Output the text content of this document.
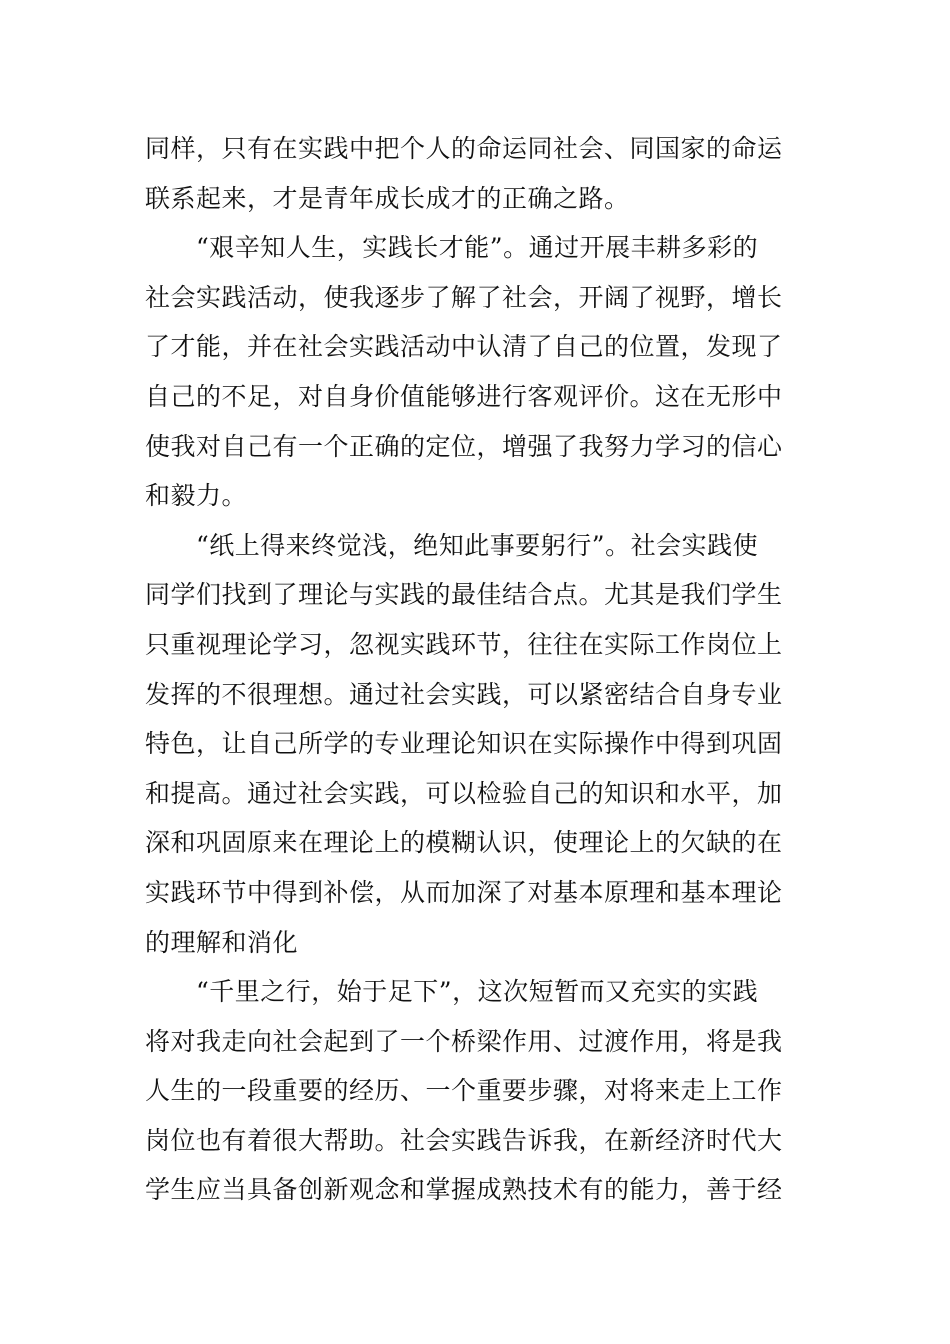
同样，只有在实践中把个人的命运同社会、同国家的命运
联系起来，才是青年成长成才的正确之路。
　　“艰辛知人生，实践长才能”。通过开展丰耕多彩的
社会实践活动，使我逐步了解了社会，开阔了视野，增长
了才能，并在社会实践活动中认清了自己的位置，发现了
自己的不足，对自身价值能够进行客观评价。这在无形中
使我对自己有一个正确的定位，增强了我努力学习的信心
和毅力。
　　“纸上得来终觉浅，绝知此事要躬行”。社会实践使
同学们找到了理论与实践的最佳结合点。尤其是我们学生
只重视理论学习，忽视实践环节，往往在实际工作岗位上
发挥的不很理想。通过社会实践，可以紧密结合自身专业
特色，让自己所学的专业理论知识在实际操作中得到巩固
和提高。通过社会实践，可以检验自己的知识和水平，加
深和巩固原来在理论上的模糊认识，使理论上的欠缺的在
实践环节中得到补偿，从而加深了对基本原理和基本理论
的理解和消化
　　“千里之行，始于足下”，这次短暂而又充实的实践
将对我走向社会起到了一个桥梁作用、过渡作用，将是我
人生的一段重要的经历、一个重要步骤，对将来走上工作
岗位也有着很大帮助。社会实践告诉我，在新经济时代大
学生应当具备创新观念和掌握成熟技术有的能力，善于经
